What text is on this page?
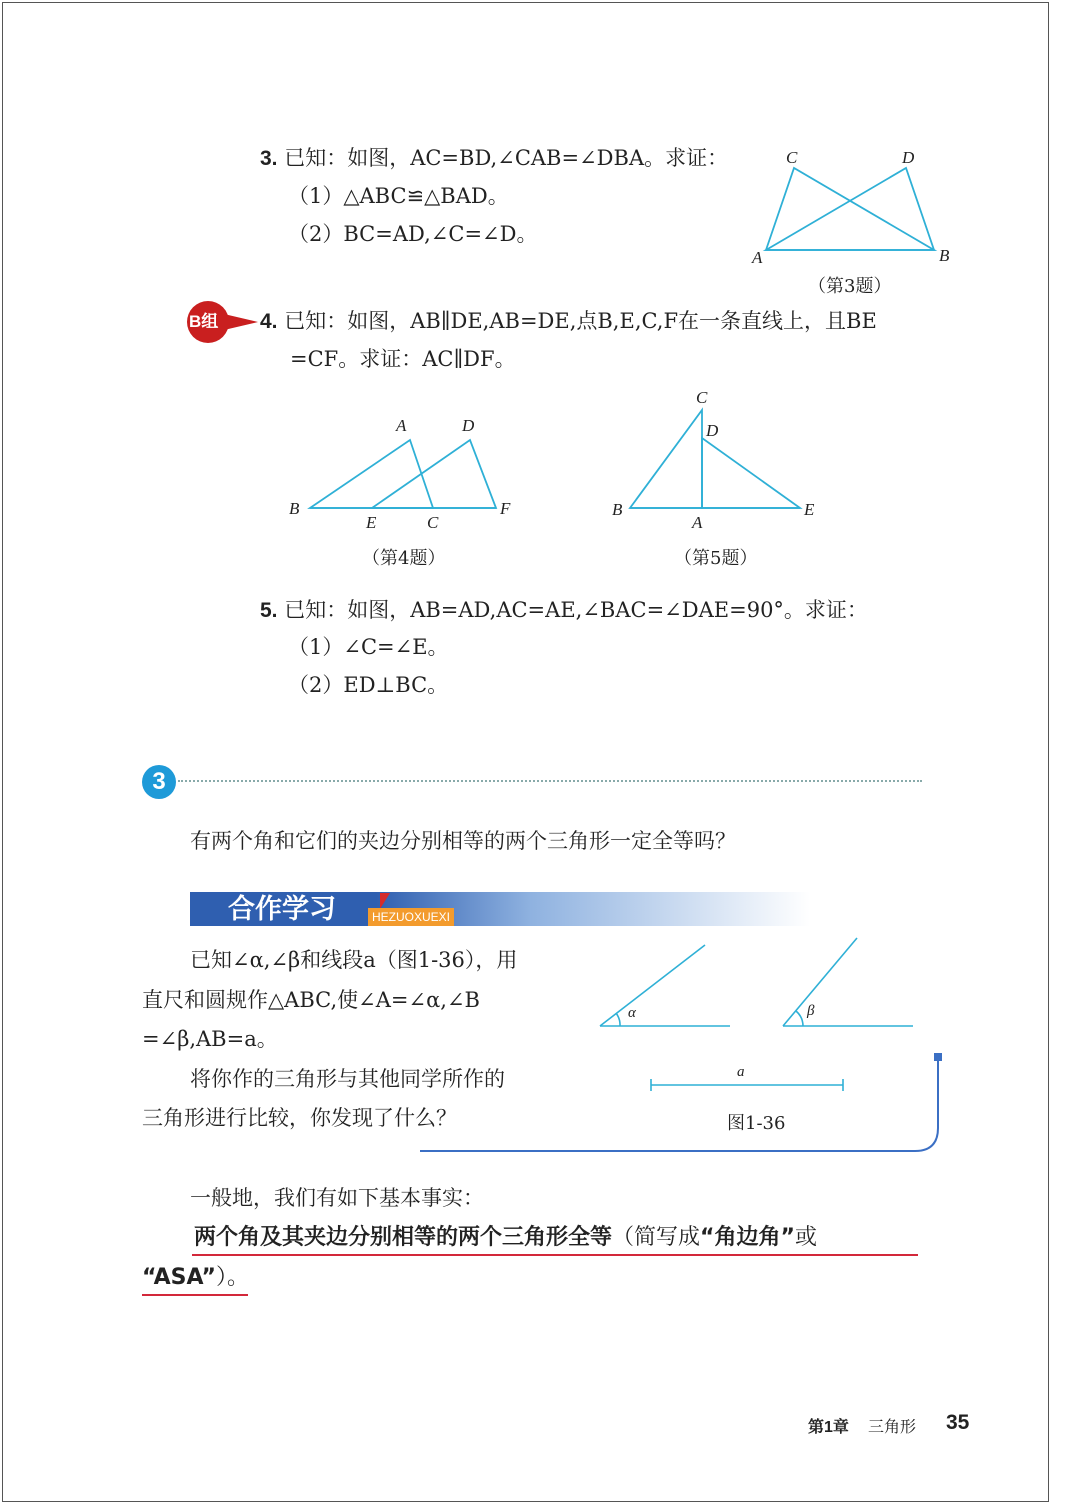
3. 已知：如图，AC=BD,∠CAB=∠DBA。求证：
（1）△ABC≌△BAD。
（2）BC=AD,∠C=∠D。
C	D
A	B
（第3题）
B组 4. 已知：如图，AB∥DE,AB=DE,点B,E,C,F在一条直线上，且BE
=CF。求证：AC∥DF。
A	D
B
E	C
F
（第4题）
C
D
B
A
E
（第5题）
5. 已知：如图，AB=AD,AC=AE,∠BAC=∠DAE=90°。求证：
（1）∠C=∠E。
（2）ED⊥BC。
3
有两个角和它们的夹边分别相等的两个三角形一定全等吗？
合作学习	HEZUOXUEXI
已知∠α,∠β和线段a（图1-36），用
直尺和圆规作△ABC,使∠A=∠α,∠B
=∠β,AB=a。
将你作的三角形与其他同学所作的
三角形进行比较，你发现了什么？
α	β
a
图1-36
一般地，我们有如下基本事实：
两个角及其夹边分别相等的两个三角形全等（简写成“角边角”或
“ASA”）。
第1章 三角形 35
